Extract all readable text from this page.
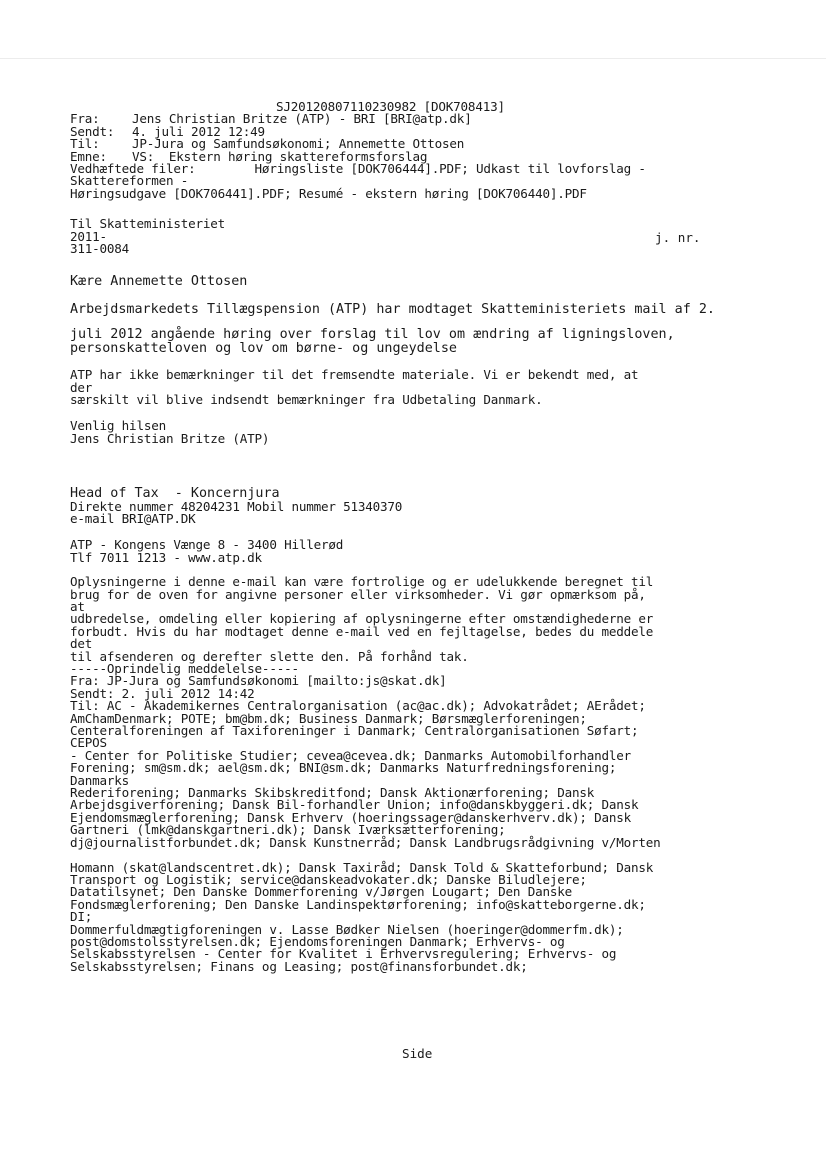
SJ20120807110230982 [DOK708413]
Fra:	Jens Christian Britze (ATP) - BRI [BRI@atp.dk]
Sendt:	4. juli 2012 12:49
Til:	JP-Jura og Samfundsøkonomi; Annemette Ottosen
Emne:	VS:  Ekstern høring skattereformsforslag
Vedhæftede filer:        Høringsliste [DOK706444].PDF; Udkast til lovforslag -
Skattereformen -
Høringsudgave [DOK706441].PDF; Resumé - ekstern høring [DOK706440].PDF
Til Skatteministeriet
2011-
311-0084
Kære Annemette Ottosen
Arbejdsmarkedets Tillægspension (ATP) har modtaget Skatteministeriets mail af 2.
juli 2012 angående høring over forslag til lov om ændring af ligningsloven,
personskatteloven og lov om børne- og ungeydelse
ATP har ikke bemærkninger til det fremsendte materiale. Vi er bekendt med, at
der
særskilt vil blive indsendt bemærkninger fra Udbetaling Danmark.
Venlig hilsen
Jens Christian Britze (ATP)
Head of Tax  - Koncernjura
Direkte nummer 48204231 Mobil nummer 51340370
e-mail BRI@ATP.DK
ATP - Kongens Vænge 8 - 3400 Hillerød
Tlf 7011 1213 - www.atp.dk
Oplysningerne i denne e-mail kan være fortrolige og er udelukkende beregnet til
brug for de oven for angivne personer eller virksomheder. Vi gør opmærksom på,
at
udbredelse, omdeling eller kopiering af oplysningerne efter omstændighederne er
forbudt. Hvis du har modtaget denne e-mail ved en fejltagelse, bedes du meddele
det
til afsenderen og derefter slette den. På forhånd tak.
-----Oprindelig meddelelse-----
Fra: JP-Jura og Samfundsøkonomi [mailto:js@skat.dk]
Sendt: 2. juli 2012 14:42
Til: AC - Akademikernes Centralorganisation (ac@ac.dk); Advokatrådet; AErådet;
AmChamDenmark; POTE; bm@bm.dk; Business Danmark; Børsmæglerforeningen;
Centeralforeningen af Taxiforeninger i Danmark; Centralorganisationen Søfart;
CEPOS
- Center for Politiske Studier; cevea@cevea.dk; Danmarks Automobilforhandler
Forening; sm@sm.dk; ael@sm.dk; BNI@sm.dk; Danmarks Naturfredningsforening;
Danmarks
Rederiforening; Danmarks Skibskreditfond; Dansk Aktionærforening; Dansk
Arbejdsgiverforening; Dansk Bil-forhandler Union; info@danskbyggeri.dk; Dansk
Ejendomsmæglerforening; Dansk Erhverv (hoeringssager@danskerhverv.dk); Dansk
Gartneri (lmk@danskgartneri.dk); Dansk Iværksætterforening;
dj@journalistforbundet.dk; Dansk Kunstnerråd; Dansk Landbrugsrådgivning v/Morten

Homann (skat@landscentret.dk); Dansk Taxiråd; Dansk Told & Skatteforbund; Dansk
Transport og Logistik; service@danskeadvokater.dk; Danske Biludlejere;
Datatilsynet; Den Danske Dommerforening v/Jørgen Lougart; Den Danske
Fondsmæglerforening; Den Danske Landinspektørforening; info@skatteborgerne.dk;
DI;
Dommerfuldmægtigforeningen v. Lasse Bødker Nielsen (hoeringer@dommerfm.dk);
post@domstolsstyrelsen.dk; Ejendomsforeningen Danmark; Erhvervs- og
Selskabsstyrelsen - Center for Kvalitet i Erhvervsregulering; Erhvervs- og
Selskabsstyrelsen; Finans og Leasing; post@finansforbundet.dk;
j. nr.
Side
